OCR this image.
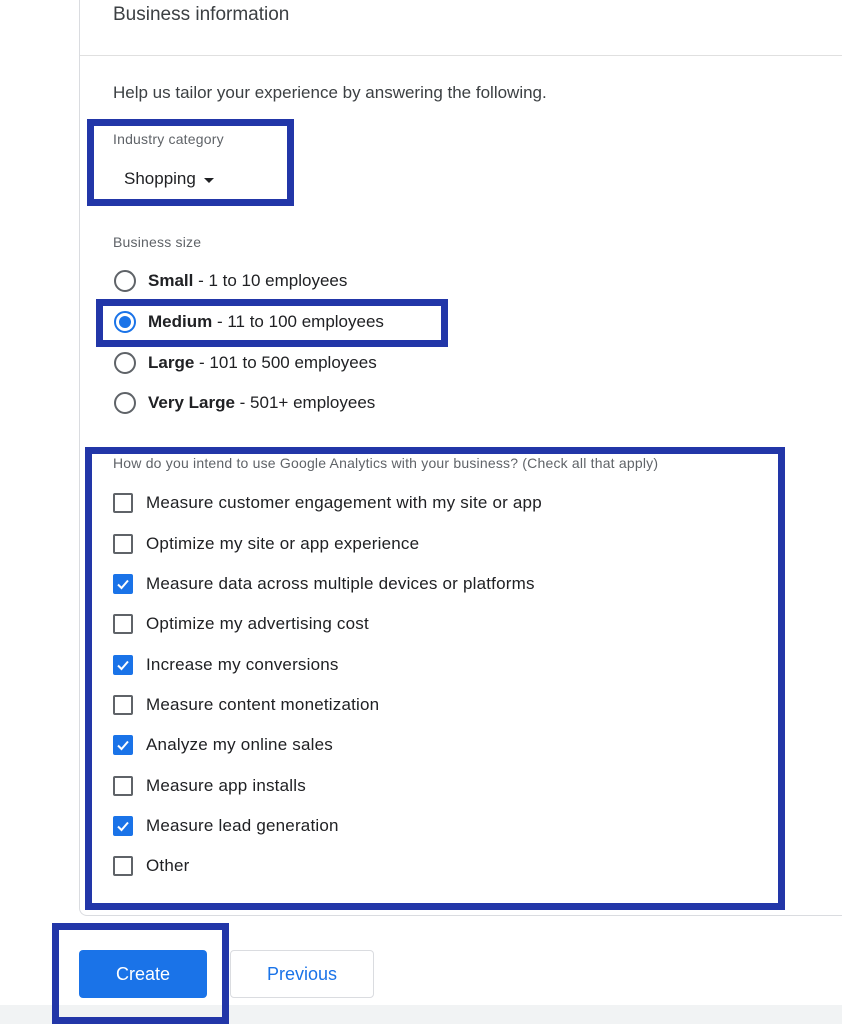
Business information
Help us tailor your experience by answering the following.
Industry category
Shopping
Business size
Small - 1 to 10 employees
Medium - 11 to 100 employees
Large - 101 to 500 employees
Very Large - 501+ employees
How do you intend to use Google Analytics with your business? (Check all that apply)
Measure customer engagement with my site or app
Optimize my site or app experience
Measure data across multiple devices or platforms
Optimize my advertising cost
Increase my conversions
Measure content monetization
Analyze my online sales
Measure app installs
Measure lead generation
Other
Create	Previous
